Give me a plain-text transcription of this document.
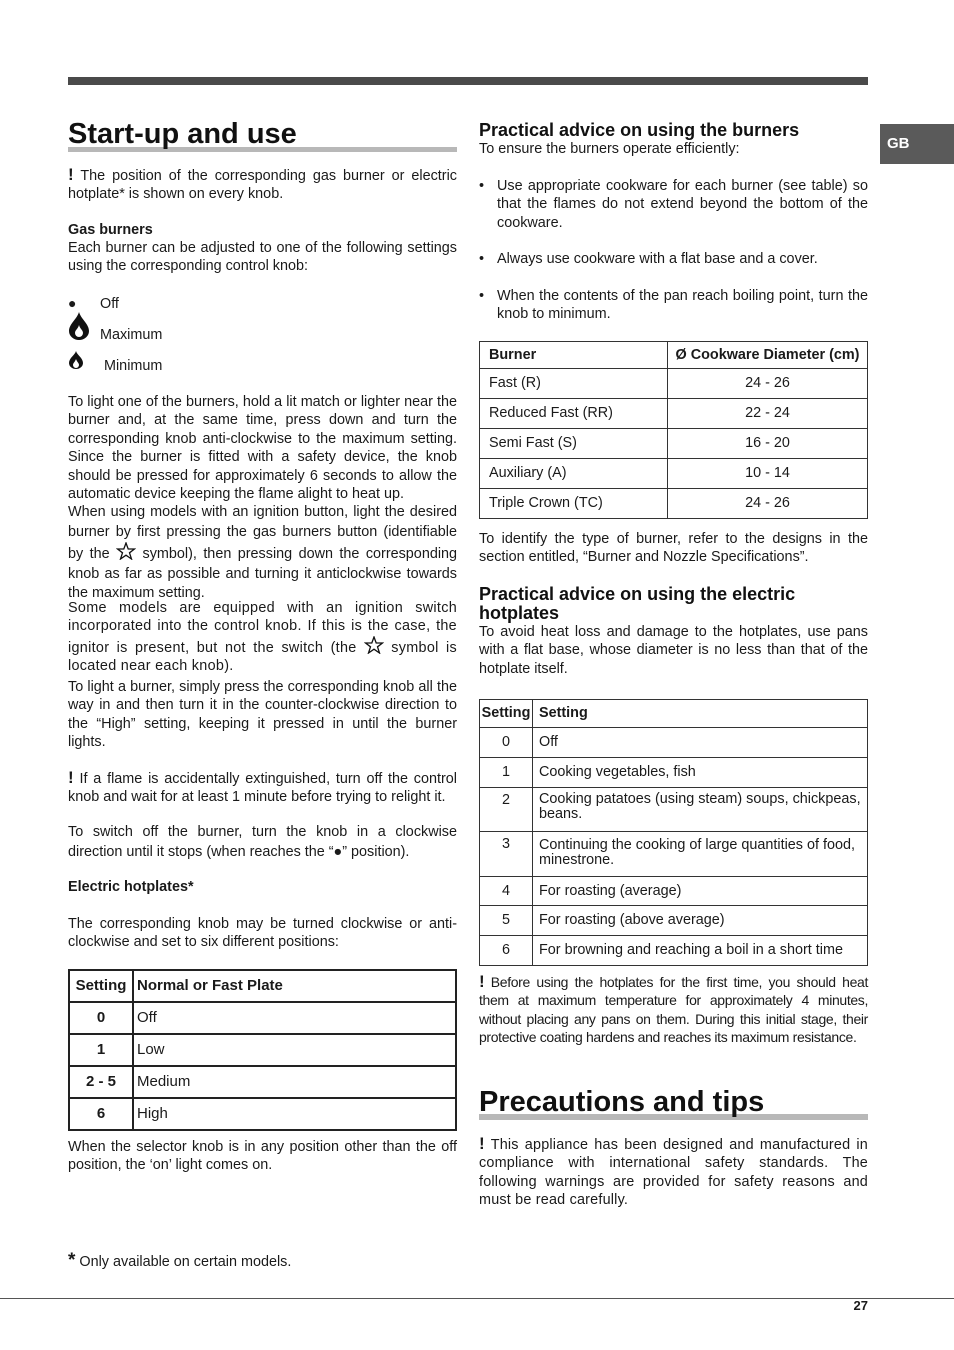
GB
Start-up and use

! The position of the corresponding gas burner or electric hotplate* is shown on every knob.

Gas burners

Each burner can be adjusted to one of the following settings using the corresponding control knob:

● Off
Maximum
Minimum

To light one of the burners, hold a lit match or lighter near the burner and, at the same time, press down and turn the corresponding knob anti-clockwise to the maximum setting. Since the burner is fitted with a safety device, the knob should be pressed for approximately 6 seconds to allow the automatic device keeping the flame alight to heat up.

When using models with an ignition button, light the desired burner by first pressing the gas burners button (identifiable by the symbol), then pressing down the corresponding knob as far as possible and turning it anticlockwise towards the maximum setting.

Some models are equipped with an ignition switch incorporated into the control knob. If this is the case, the ignitor is present, but not the switch (the symbol is located near each knob).

To light a burner, simply press the corresponding knob all the way in and then turn it in the counter-clockwise direction to the “High” setting, keeping it pressed in until the burner lights.

! If a flame is accidentally extinguished, turn off the control knob and wait for at least 1 minute before trying to relight it.

To switch off the burner, turn the knob in a clockwise direction until it stops (when reaches the “●” position).

Electric hotplates*

The corresponding knob may be turned clockwise or anti-clockwise and set to six different positions:

Setting	Normal or Fast Plate
0	Off
1	Low
2 - 5	Medium
6	High

When the selector knob is in any position other than the off position, the ‘on’ light comes on.

* Only available on certain models.
Practical advice on using the burners

To ensure the burners operate efficiently:

• Use appropriate cookware for each burner (see table) so that the flames do not extend beyond the bottom of the cookware.
• Always use cookware with a flat base and a cover.
• When the contents of the pan reach boiling point, turn the knob to minimum.
Burner	Ø Cookware Diameter (cm)
Fast (R)	24 - 26
Reduced Fast (RR)	22 - 24
Semi Fast (S)	16 - 20
Auxiliary (A)	10 - 14
Triple Crown (TC)	24 - 26

To identify the type of burner, refer to the designs in the section entitled, “Burner and Nozzle Specifications”.

Practical advice on using the electric hotplates

To avoid heat loss and damage to the hotplates, use pans with a flat base, whose diameter is no less than that of the hotplate itself.

Setting	Setting
0	Off
1	Cooking vegetables, fish
2	Cooking patatoes (using steam) soups, chickpeas, beans.
3	Continuing the cooking of large quantities of food, minestrone.
4	For roasting (average)
5	For roasting (above average)
6	For browning and reaching a boil in a short time

! Before using the hotplates for the first time, you should heat them at maximum temperature for approximately 4 minutes, without placing any pans on them. During this initial stage, their protective coating hardens and reaches its maximum resistance.

Precautions and tips

! This appliance has been designed and manufactured in compliance with international safety standards. The following warnings are provided for safety reasons and must be read carefully.

27
